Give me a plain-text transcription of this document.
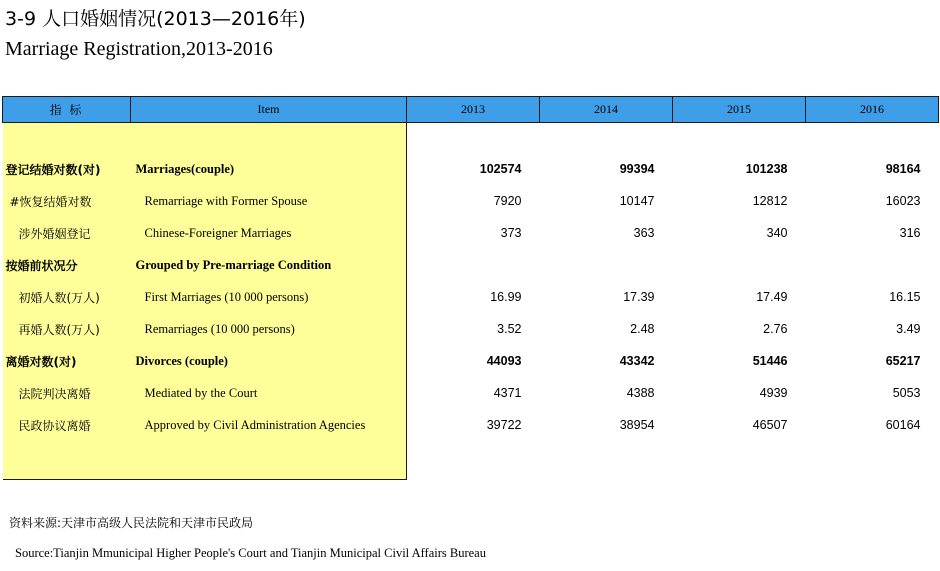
3-9 人口婚姻情况(2013—2016年)
Marriage Registration,2013-2016
指 标	Item	2013	2014	2015	2016

登记结婚对数(对)	Marriages(couple)	102574	99394	101238	98164
#恢复结婚对数	Remarriage with Former Spouse	7920	10147	12812	16023
涉外婚姻登记	Chinese-Foreigner Marriages	373	363	340	316
按婚前状况分	Grouped by Pre-marriage Condition				
初婚人数(万人)	First Marriages (10 000 persons)	16.99	17.39	17.49	16.15
再婚人数(万人)	Remarriages (10 000 persons)	3.52	2.48	2.76	3.49
离婚对数(对)	Divorces (couple)	44093	43342	51446	65217
法院判决离婚	Mediated by the Court	4371	4388	4939	5053
民政协议离婚	Approved by Civil Administration Agencies	39722	38954	46507	60164

资料来源:天津市高级人民法院和天津市民政局
Source:Tianjin Mmunicipal Higher People's Court and Tianjin Municipal Civil Affairs Bureau
